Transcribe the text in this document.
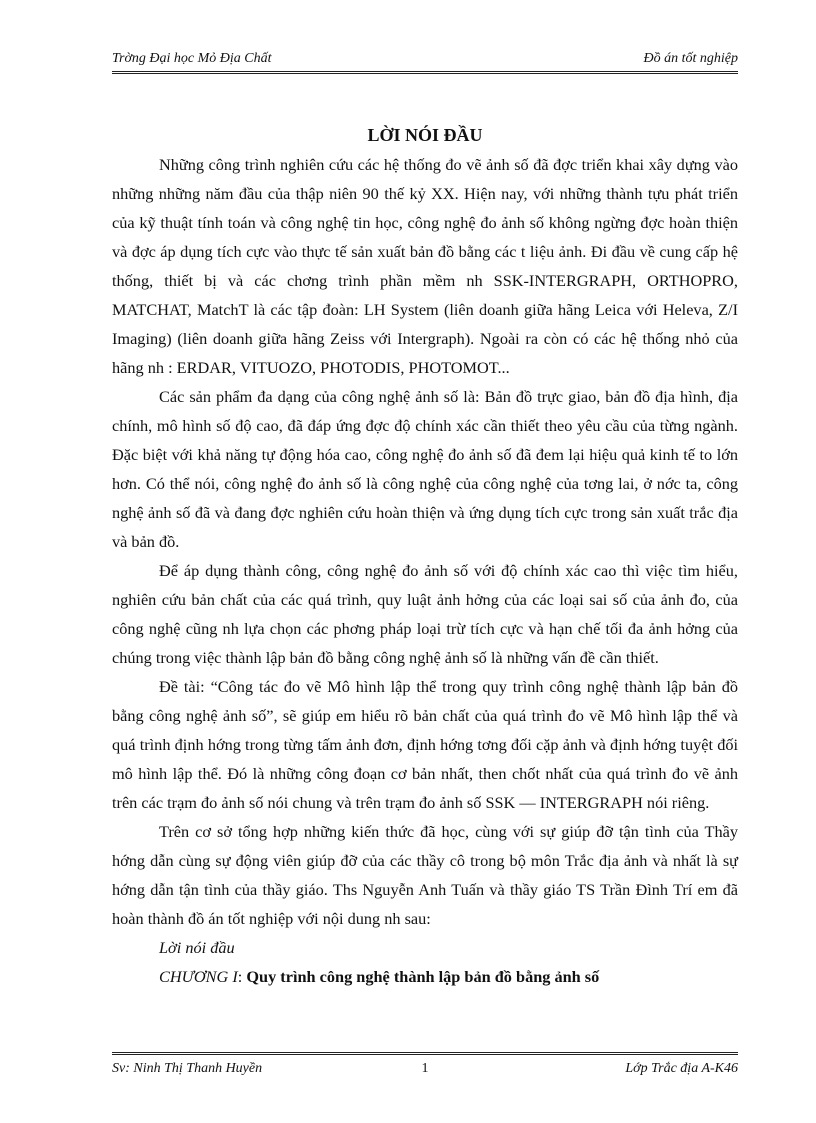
Trờng Đại học Mỏ Địa Chất	Đồ án tốt nghiệp
LỜI NÓI ĐẦU

Những công trình nghiên cứu các hệ thống đo vẽ ảnh số đã đợc triển khai xây dựng vào những những năm đầu của thập niên 90 thế kỷ XX. Hiện nay, với những thành tựu phát triển của kỹ thuật tính toán và công nghệ tin học, công nghệ đo ảnh số không ngừng đợc hoàn thiện và đợc áp dụng tích cực vào thực tế sản xuất bản đồ bằng các t liệu ảnh. Đi đầu về cung cấp hệ thống, thiết bị và các chơng trình phần mềm nh SSK-INTERGRAPH, ORTHOPRO, MATCHAT, MatchT là các tập đoàn: LH System (liên doanh giữa hãng Leica với Heleva, Z/I Imaging) (liên doanh giữa hãng Zeiss với Intergraph). Ngoài ra còn có các hệ thống nhỏ của hãng nh : ERDAR, VITUOZO, PHOTODIS, PHOTOMOT...

Các sản phẩm đa dạng của công nghệ ảnh số là: Bản đồ trực giao, bản đồ địa hình, địa chính, mô hình số độ cao, đã đáp ứng đợc độ chính xác cần thiết theo yêu cầu của từng ngành. Đặc biệt với khả năng tự động hóa cao, công nghệ đo ảnh số đã đem lại hiệu quả kinh tế to lớn hơn. Có thể nói, công nghệ đo ảnh số là công nghệ của công nghệ của tơng lai, ở nớc ta, công nghệ ảnh số đã và đang đợc nghiên cứu hoàn thiện và ứng dụng tích cực trong sản xuất trắc địa và bản đồ.

Để áp dụng thành công, công nghệ đo ảnh số với độ chính xác cao thì việc tìm hiểu, nghiên cứu bản chất của các quá trình, quy luật ảnh hởng của các loại sai số của ảnh đo, của công nghệ cũng nh lựa chọn các phơng pháp loại trừ tích cực và hạn chế tối đa ảnh hởng của chúng trong việc thành lập bản đồ bằng công nghệ ảnh số là những vấn đề cần thiết.

Đề tài: “Công tác đo vẽ Mô hình lập thể trong quy trình công nghệ thành lập bản đồ bằng công nghệ ảnh số”, sẽ giúp em hiểu rõ bản chất của quá trình đo vẽ Mô hình lập thể và quá trình định hớng trong từng tấm ảnh đơn, định hớng tơng đối cặp ảnh và định hớng tuyệt đối mô hình lập thể. Đó là những công đoạn cơ bản nhất, then chốt nhất của quá trình đo vẽ ảnh trên các trạm đo ảnh số nói chung và trên trạm đo ảnh số SSK — INTERGRAPH nói riêng.

Trên cơ sở tổng hợp những kiến thức đã học, cùng với sự giúp đỡ tận tình của Thầy hớng dẫn cùng sự động viên giúp đỡ của các thầy cô trong bộ môn Trắc địa ảnh và nhất là sự hớng dẫn tận tình của thầy giáo. Ths Nguyễn Anh Tuấn và thầy giáo TS Trần Đình Trí em đã hoàn thành đồ án tốt nghiệp với nội dung nh sau:

Lời nói đầu

CHƯƠNG I: Quy trình công nghệ thành lập bản đồ bằng ảnh số

Sv: Ninh Thị Thanh Huyền	1	Lớp Trắc địa A-K46
